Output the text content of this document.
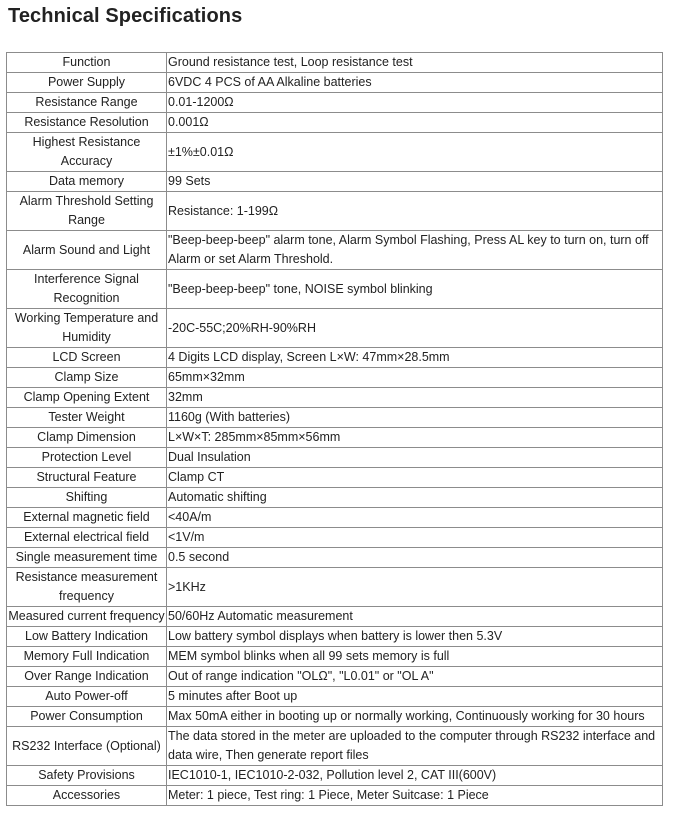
Technical Specifications
Function	Ground resistance test, Loop resistance test
Power Supply	6VDC 4 PCS of AA Alkaline batteries
Resistance Range	0.01-1200Ω
Resistance Resolution	0.001Ω
Highest Resistance Accuracy	±1%±0.01Ω
Data memory	99 Sets
Alarm Threshold Setting Range	Resistance: 1-199Ω
Alarm Sound and Light	"Beep-beep-beep" alarm tone, Alarm Symbol Flashing, Press AL key to turn on, turn off Alarm or set Alarm Threshold.
Interference Signal Recognition	"Beep-beep-beep" tone, NOISE symbol blinking
Working Temperature and Humidity	-20C-55C;20%RH-90%RH
LCD Screen	4 Digits LCD display, Screen L×W: 47mm×28.5mm
Clamp Size	65mm×32mm
Clamp Opening Extent	32mm
Tester Weight	1160g (With batteries)
Clamp Dimension	L×W×T: 285mm×85mm×56mm
Protection Level	Dual Insulation
Structural Feature	Clamp CT
Shifting	Automatic shifting
External magnetic field	<40A/m
External electrical field	<1V/m
Single measurement time	0.5 second
Resistance measurement frequency	>1KHz
Measured current frequency	50/60Hz Automatic measurement
Low Battery Indication	Low battery symbol displays when battery is lower then 5.3V
Memory Full Indication	MEM symbol blinks when all 99 sets memory is full
Over Range Indication	Out of range indication "OLΩ", "L0.01" or "OL A"
Auto Power-off	5 minutes after Boot up
Power Consumption	Max 50mA either in booting up or normally working, Continuously working for 30 hours
RS232 Interface (Optional)	The data stored in the meter are uploaded to the computer through RS232 interface and data wire, Then generate report files
Safety Provisions	IEC1010-1, IEC1010-2-032, Pollution level 2, CAT III(600V)
Accessories	Meter: 1 piece, Test ring: 1 Piece, Meter Suitcase: 1 Piece
